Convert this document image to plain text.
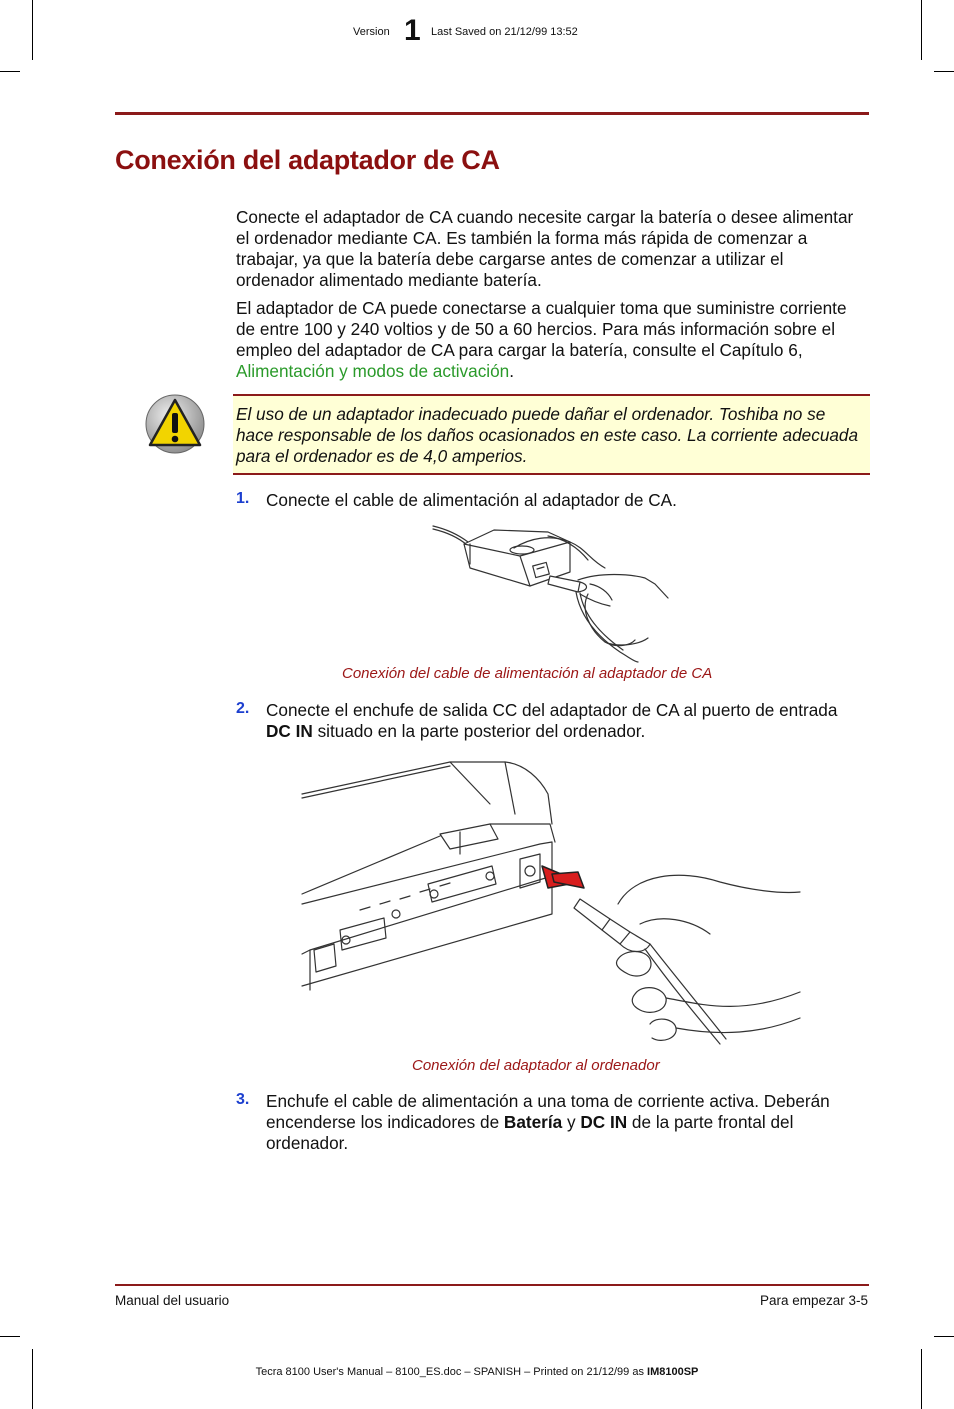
Version 1 Last Saved on 21/12/99 13:52
Conexión del adaptador de CA

Conecte el adaptador de CA cuando necesite cargar la batería o desee alimentar el ordenador mediante CA. Es también la forma más rápida de comenzar a trabajar, ya que la batería debe cargarse antes de comenzar a utilizar el ordenador alimentado mediante batería.

El adaptador de CA puede conectarse a cualquier toma que suministre corriente de entre 100 y 240 voltios y de 50 a 60 hercios. Para más información sobre el empleo del adaptador de CA para cargar la batería, consulte el Capítulo 6, Alimentación y modos de activación.

El uso de un adaptador inadecuado puede dañar el ordenador. Toshiba no se hace responsable de los daños ocasionados en este caso. La corriente adecuada para el ordenador es de 4,0 amperios.
1. Conecte el cable de alimentación al adaptador de CA.
Conexión del cable de alimentación al adaptador de CA
2. Conecte el enchufe de salida CC del adaptador de CA al puerto de entrada DC IN situado en la parte posterior del ordenador.
Conexión del adaptador al ordenador
3. Enchufe el cable de alimentación a una toma de corriente activa. Deberán encenderse los indicadores de Batería y DC IN de la parte frontal del ordenador.
Manual del usuario	Para empezar 3-5
Tecra 8100 User's Manual – 8100_ES.doc – SPANISH – Printed on 21/12/99 as IM8100SP
